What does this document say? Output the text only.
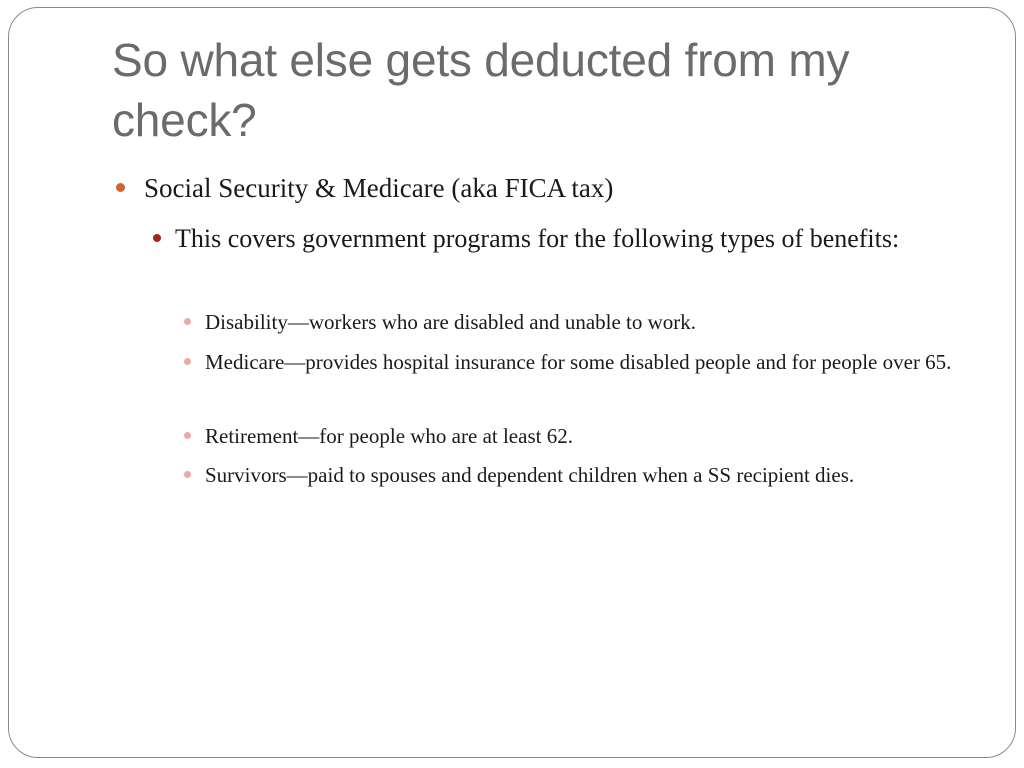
So what else gets deducted from my check?
Social Security & Medicare (aka FICA tax)
This covers government programs for the following types of benefits:
Disability—workers who are disabled and unable to work.
Medicare—provides hospital insurance for some disabled people and for people over 65.
Retirement—for people who are at least 62.
Survivors—paid to spouses and dependent children when a SS recipient dies.
